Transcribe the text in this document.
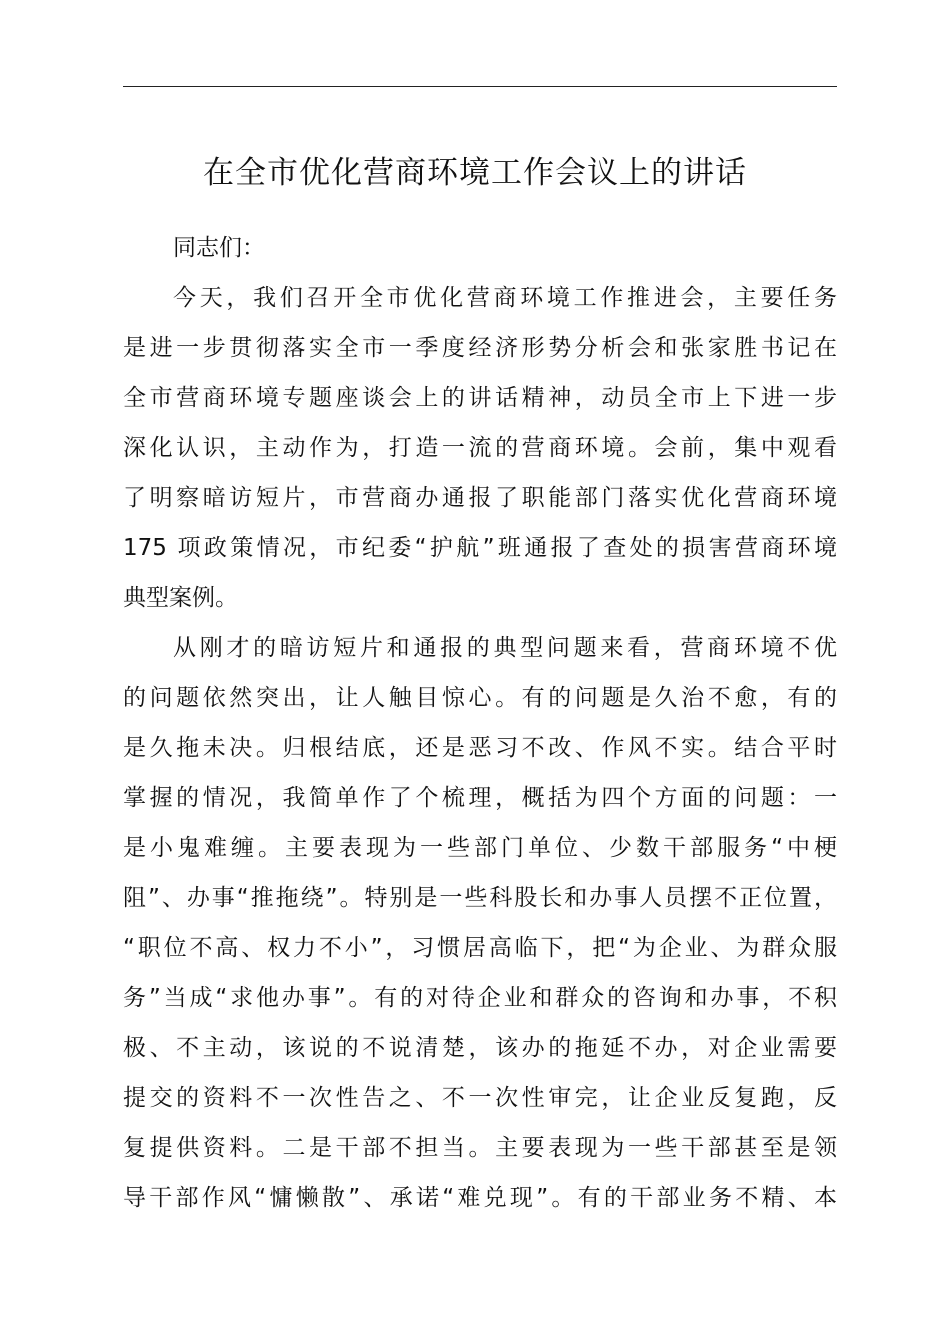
在全市优化营商环境工作会议上的讲话
同志们：
今天，我们召开全市优化营商环境工作推进会，主要任务
是进一步贯彻落实全市一季度经济形势分析会和张家胜书记在
全市营商环境专题座谈会上的讲话精神，动员全市上下进一步
深化认识，主动作为，打造一流的营商环境。会前，集中观看
了明察暗访短片，市营商办通报了职能部门落实优化营商环境
175 项政策情况，市纪委“护航”班通报了查处的损害营商环境
典型案例。
从刚才的暗访短片和通报的典型问题来看，营商环境不优
的问题依然突出，让人触目惊心。有的问题是久治不愈，有的
是久拖未决。归根结底，还是恶习不改、作风不实。结合平时
掌握的情况，我简单作了个梳理，概括为四个方面的问题：一
是小鬼难缠。主要表现为一些部门单位、少数干部服务“中梗
阻”、办事“推拖绕”。特别是一些科股长和办事人员摆不正位置，
“职位不高、权力不小”，习惯居高临下，把“为企业、为群众服
务”当成“求他办事”。有的对待企业和群众的咨询和办事，不积
极、不主动，该说的不说清楚，该办的拖延不办，对企业需要
提交的资料不一次性告之、不一次性审完，让企业反复跑，反
复提供资料。二是干部不担当。主要表现为一些干部甚至是领
导干部作风“慵懒散”、承诺“难兑现”。有的干部业务不精、本
